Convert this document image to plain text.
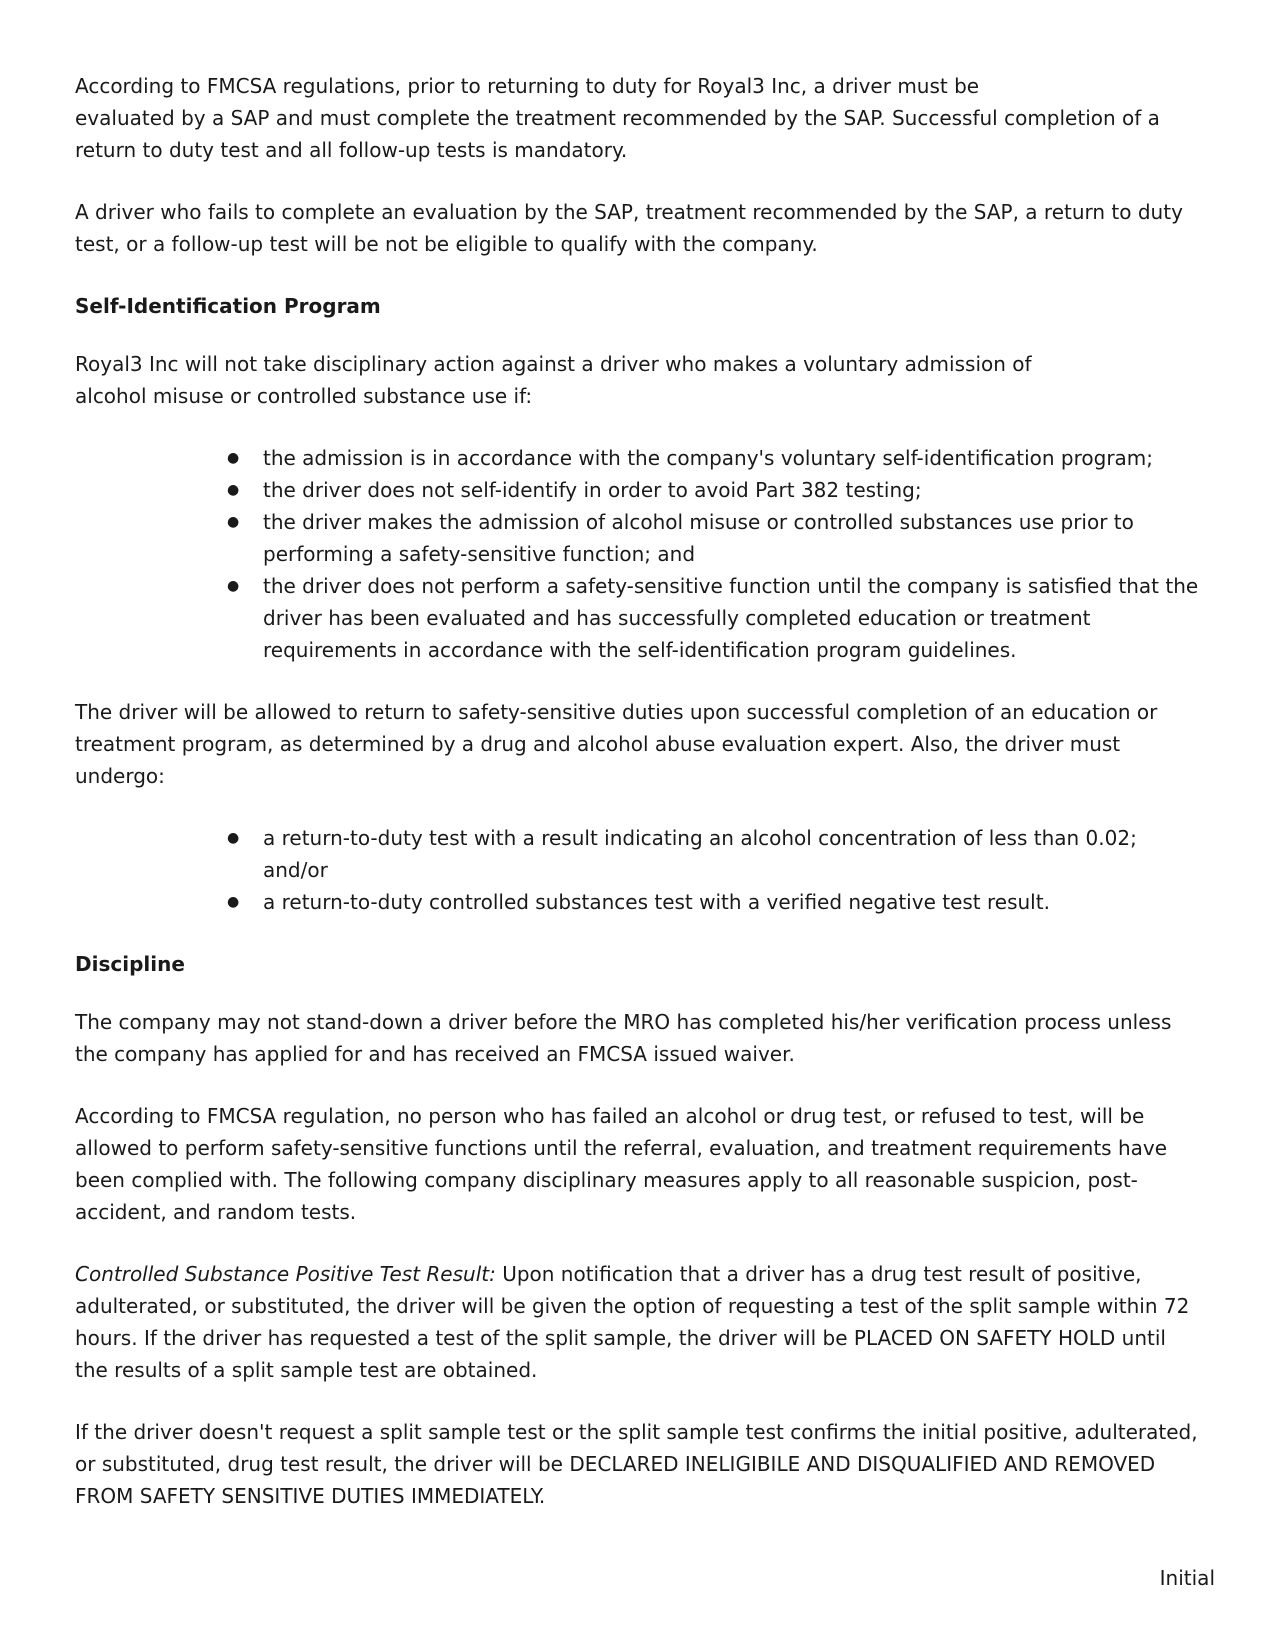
According to FMCSA regulations, prior to returning to duty for Royal3 Inc, a driver must be
evaluated by a SAP and must complete the treatment recommended by the SAP. Successful completion of a return to duty test and all follow-up tests is mandatory.

A driver who fails to complete an evaluation by the SAP, treatment recommended by the SAP, a return to duty test, or a follow-up test will be not be eligible to qualify with the company.

Self-Identification Program

Royal3 Inc will not take disciplinary action against a driver who makes a voluntary admission of
alcohol misuse or controlled substance use if:

● the admission is in accordance with the company's voluntary self-identification program;
● the driver does not self-identify in order to avoid Part 382 testing;
● the driver makes the admission of alcohol misuse or controlled substances use prior to performing a safety-sensitive function; and
● the driver does not perform a safety-sensitive function until the company is satisfied that the driver has been evaluated and has successfully completed education or treatment requirements in accordance with the self-identification program guidelines.

The driver will be allowed to return to safety-sensitive duties upon successful completion of an education or treatment program, as determined by a drug and alcohol abuse evaluation expert. Also, the driver must undergo:

● a return-to-duty test with a result indicating an alcohol concentration of less than 0.02; and/or
● a return-to-duty controlled substances test with a verified negative test result.
Discipline

The company may not stand-down a driver before the MRO has completed his/her verification process unless the company has applied for and has received an FMCSA issued waiver.

According to FMCSA regulation, no person who has failed an alcohol or drug test, or refused to test, will be allowed to perform safety-sensitive functions until the referral, evaluation, and treatment requirements have been complied with. The following company disciplinary measures apply to all reasonable suspicion, post-accident, and random tests.

Controlled Substance Positive Test Result: Upon notification that a driver has a drug test result of positive, adulterated, or substituted, the driver will be given the option of requesting a test of the split sample within 72 hours. If the driver has requested a test of the split sample, the driver will be PLACED ON SAFETY HOLD until the results of a split sample test are obtained.

If the driver doesn't request a split sample test or the split sample test confirms the initial positive, adulterated, or substituted, drug test result, the driver will be DECLARED INELIGIBILE AND DISQUALIFIED AND REMOVED FROM SAFETY SENSITIVE DUTIES IMMEDIATELY.

Initial
